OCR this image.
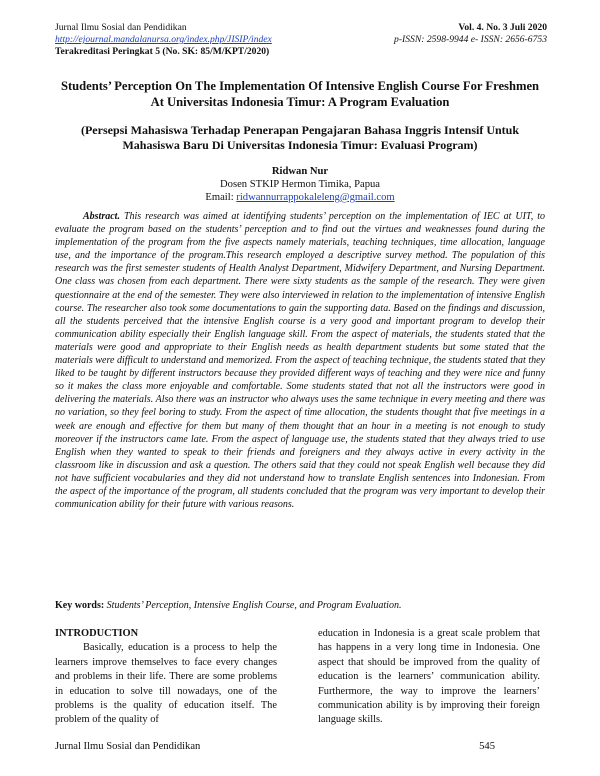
Jurnal Ilmu Sosial dan Pendidikan
http://ejournal.mandalanursa.org/index.php/JISIP/index
Terakreditasi Peringkat 5 (No. SK: 85/M/KPT/2020)
Vol. 4. No. 3 Juli 2020
p-ISSN: 2598-9944 e- ISSN: 2656-6753
Students’ Perception On The Implementation Of Intensive English Course For Freshmen At Universitas Indonesia Timur: A Program Evaluation
(Persepsi Mahasiswa Terhadap Penerapan Pengajaran Bahasa Inggris Intensif Untuk Mahasiswa Baru Di Universitas Indonesia Timur: Evaluasi Program)
Ridwan Nur
Dosen STKIP Hermon Timika, Papua
Email: ridwannurrappokaleleng@gmail.com
Abstract. This research was aimed at identifying students’ perception on the implementation of IEC at UIT, to evaluate the program based on the students’ perception and to find out the virtues and weaknesses found during the implementation of the program from the five aspects namely materials, teaching techniques, time allocation, language use, and the importance of the program.This research employed a descriptive survey method. The population of this research was the first semester students of Health Analyst Department, Midwifery Department, and Nursing Department. One class was chosen from each department. There were sixty students as the sample of the research. They were given questionnaire at the end of the semester. They were also interviewed in relation to the implementation of intensive English course. The researcher also took some documentations to gain the supporting data. Based on the findings and discussion, all the students perceived that the intensive English course is a very good and important program to develop their communication ability especially their English language skill. From the aspect of materials, the students stated that the materials were good and appropriate to their English needs as health department students but some stated that the materials were difficult to understand and memorized. From the aspect of teaching technique, the students stated that they liked to be taught by different instructors because they provided different ways of teaching and they were nice and funny so it makes the class more enjoyable and comfortable. Some students stated that not all the instructors were good in delivering the materials. Also there was an instructor who always uses the same technique in every meeting and there was no variation, so they feel boring to study. From the aspect of time allocation, the students thought that five meetings in a week are enough and effective for them but many of them thought that an hour in a meeting is not enough to study moreover if the instructors came late. From the aspect of language use, the students stated that they always tried to use English when they wanted to speak to their friends and foreigners and they always active in every activity in the classroom like in discussion and ask a question. The others said that they could not speak English well because they did not have sufficient vocabularies and they did not understand how to translate English sentences into Indonesian. From the aspect of the importance of the program, all students concluded that the program was very important to develop their communication ability for their future with various reasons.
Key words: Students’ Perception, Intensive English Course, and Program Evaluation.
INTRODUCTION
Basically, education is a process to help the learners improve themselves to face every changes and problems in their life. There are some problems in education to solve till nowadays, one of the problems is the quality of education itself. The problem of the quality of
education in Indonesia is a great scale problem that has happens in a very long time in Indonesia. One aspect that should be improved from the quality of education is the learners’ communication ability. Furthermore, the way to improve the learners’ communication ability is by improving their foreign language skills.
Jurnal Ilmu Sosial dan Pendidikan	545
